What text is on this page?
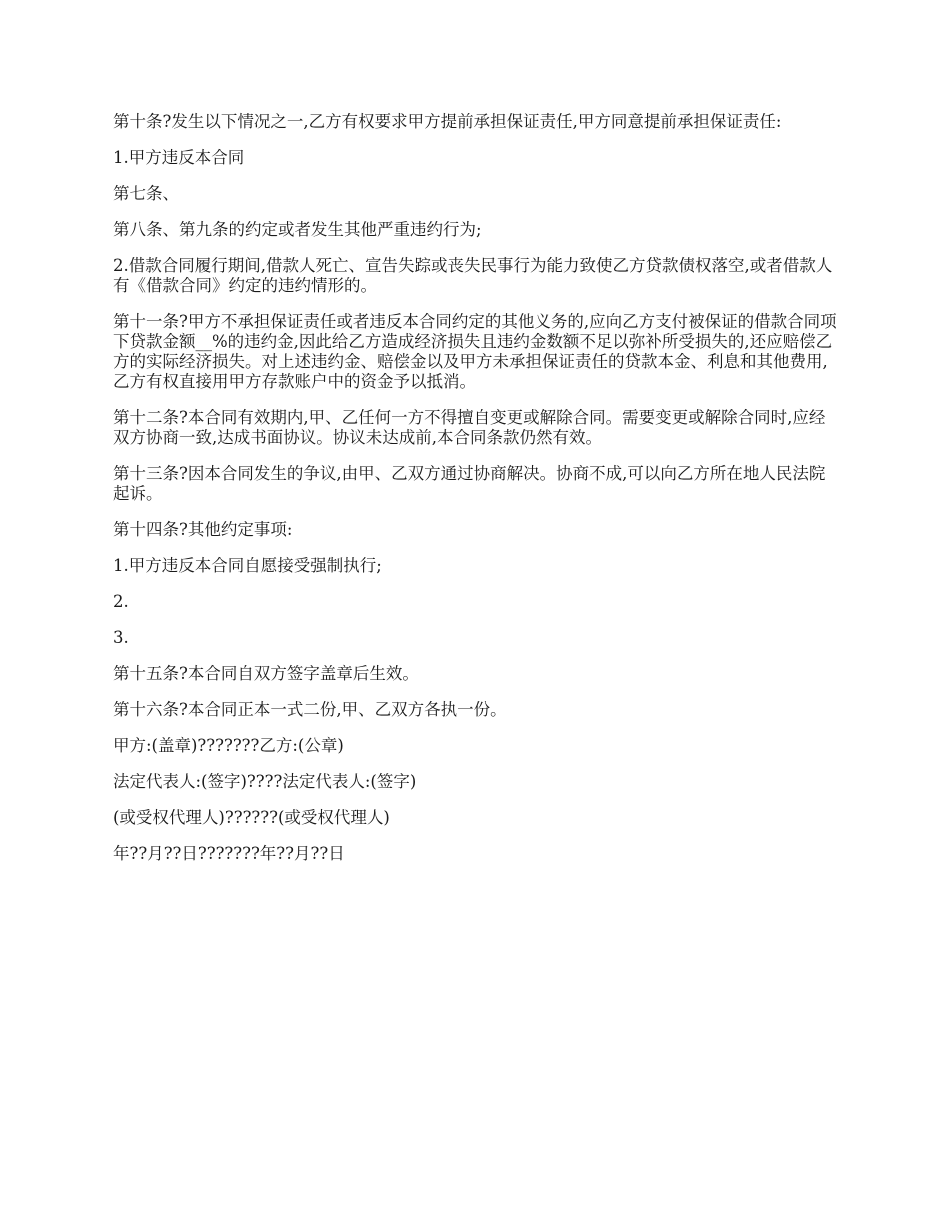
第十条?发生以下情况之一,乙方有权要求甲方提前承担保证责任,甲方同意提前承担保证责任:

1.甲方违反本合同

第七条、

第八条、第九条的约定或者发生其他严重违约行为;

2.借款合同履行期间,借款人死亡、宣告失踪或丧失民事行为能力致使乙方贷款债权落空,或者借款人有《借款合同》约定的违约情形的。

第十一条?甲方不承担保证责任或者违反本合同约定的其他义务的,应向乙方支付被保证的借款合同项下贷款金额__%的违约金,因此给乙方造成经济损失且违约金数额不足以弥补所受损失的,还应赔偿乙方的实际经济损失。对上述违约金、赔偿金以及甲方未承担保证责任的贷款本金、利息和其他费用,乙方有权直接用甲方存款账户中的资金予以抵消。

第十二条?本合同有效期内,甲、乙任何一方不得擅自变更或解除合同。需要变更或解除合同时,应经双方协商一致,达成书面协议。协议未达成前,本合同条款仍然有效。

第十三条?因本合同发生的争议,由甲、乙双方通过协商解决。协商不成,可以向乙方所在地人民法院起诉。

第十四条?其他约定事项:

1.甲方违反本合同自愿接受强制执行;

2.

3.

第十五条?本合同自双方签字盖章后生效。

第十六条?本合同正本一式二份,甲、乙双方各执一份。

甲方:(盖章)???????乙方:(公章)

法定代表人:(签字)????法定代表人:(签字)

(或受权代理人)??????(或受权代理人)

年??月??日???????年??月??日
